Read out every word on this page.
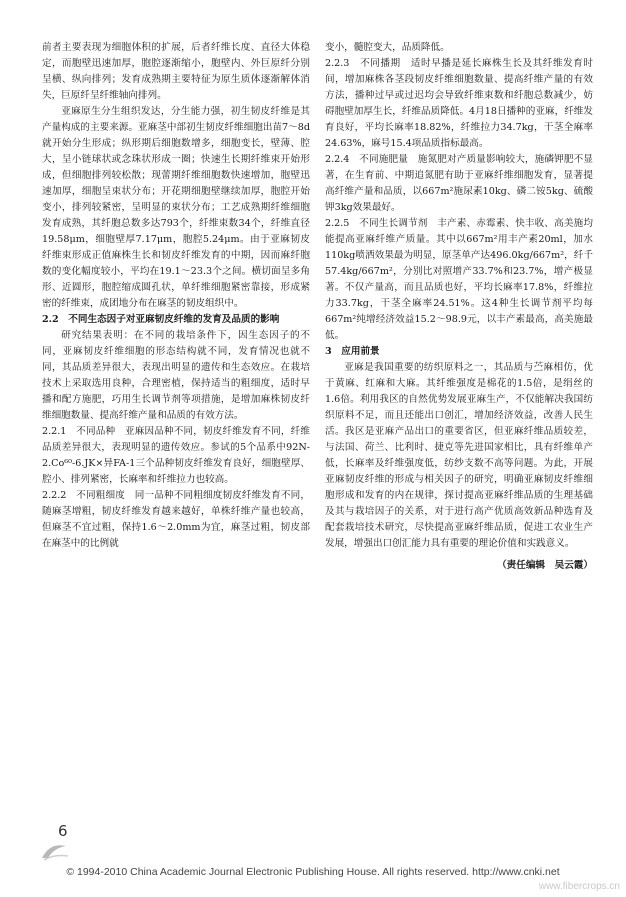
前者主要表现为细胞体积的扩展，后者纤维长度、直径大体稳定，而胞壁迅速加厚，胞腔逐渐缩小，胞壁内、外巨原纤分别呈横、纵向排列；发育成熟期主要特征为原生质体逐渐解体消失，巨原纤呈纤维轴向排列。

亚麻原生分生组织发达，分生能力强，初生韧皮纤维是其产量构成的主要来源。亚麻茎中部初生韧皮纤维细胞出苗7～8d就开始分生形成；纵形期后细胞数增多，细胞变长，壁薄、腔大，呈小链球状或念珠状形成一圈；快速生长期纤维束开始形成，但细胞排列较松散；现蕾期纤维细胞数快速增加，胞壁迅速加厚，细胞呈束状分布；开花期细胞壁继续加厚，胞腔开始变小，排列较紧密，呈明显的束状分布；工艺成熟期纤维细胞发育成熟，其纤胞总数多达793个，纤维束数34个，纤维直径19.58μm，细胞壁厚7.17μm，胞腔5.24μm。由于亚麻韧皮纤维束形成正值麻株生长和韧皮纤维发育的中期，因而麻纤胞数的变化幅度较小，平均在19.1～23.3个之间。横切面呈多角形、近圆形，胞腔缩成圆孔状，单纤维细胞紧密靠接，形成紧密的纤维束，成团地分布在麻茎的韧皮组织中。

2.2　不同生态因子对亚麻韧皮纤维的发育及品质的影响

研究结果表明：在不同的栽培条件下，因生态因子的不同，亚麻韧皮纤维细胞的形态结构就不同，发育情况也就不同，其品质差异很大，表现出明显的遗传和生态效应。在栽培技术上采取选用良种，合理密植，保持适当的粗细度，适时早播和配方施肥，巧用生长调节剂等项措施，是增加麻株韧皮纤维细胞数量、提高纤维产量和品质的有效方法。

2.2.1　不同品种　亚麻因品种不同，韧皮纤维发育不同，纤维品质差异很大，表现明显的遗传效应。参试的5个品系中92N-2.Co⁶⁰-6.JK×异FA-1三个品种韧皮纤维发育良好，细胞壁厚、腔小、排列紧密，长麻率和纤维拉力也较高。

2.2.2　不同粗细度　同一品种不同粗细度韧皮纤维发育不同，随麻茎增粗，韧皮纤维发育越来越好，单株纤维产量也较高，但麻茎不宜过粗，保持1.6～2.0mm为宜，麻茎过粗，韧皮部在麻茎中的比例就

变小，髓腔变大，品质降低。

2.2.3　不同播期　适时早播是延长麻株生长及其纤维发育时间，增加麻株各茎段韧皮纤维细胞数量、提高纤维产量的有效方法，播种过早或过迟均会导致纤维束数和纤胞总数减少，妨碍胞壁加厚生长，纤维品质降低。4月18日播种的亚麻，纤维发育良好，平均长麻率18.82%，纤维拉力34.7kg，干茎全麻率24.63%，麻号15.4项品质指标最高。

2.2.4　不同施肥量　施氮肥对产质量影响较大，施磷钾肥不显著，在生育前、中期追氮肥有助于亚麻纤维细胞发育，显著提高纤维产量和品质，以667m²施尿素10kg、磷二铵5kg、硫酸钾3kg效果最好。

2.2.5　不同生长调节剂　丰产素、赤霉素、快丰收、高美施均能提高亚麻纤维产质量。其中以667m²用丰产素20ml，加水110kg喷洒效果最为明显，原茎单产达496.0kg/667m²，纤千57.4kg/667m²，分别比对照增产33.7%和23.7%，增产极显著。不仅产量高，而且品质也好，平均长麻率17.8%，纤维拉力33.7kg，干茎全麻率24.51%。这4种生长调节剂平均每667m²纯增经济效益15.2～98.9元，以丰产素最高，高美施最低。

3　应用前景

亚麻是我国重要的纺织原料之一，其品质与苎麻相仿，优于黄麻、红麻和大麻。其纤维强度是棉花的1.5倍，是绢丝的1.6倍。利用我区的自然优势发展亚麻生产，不仅能解决我国纺织原料不足，而且还能出口创汇，增加经济效益，改善人民生活。我区是亚麻产品出口的重要省区，但亚麻纤维品质较差，与法国、荷兰、比利时、捷克等先进国家相比，具有纤维单产低，长麻率及纤维强度低，纺纱支数不高等问题。为此，开展亚麻韧皮纤维的形成与相关因子的研究，明确亚麻韧皮纤维细胞形成和发育的内在规律，探讨提高亚麻纤维品质的生理基础及其与栽培因子的关系，对于进行高产优质高效新品种选育及配套栽培技术研究，尽快提高亚麻纤维品质，促进工农业生产发展，增强出口创汇能力具有重要的理论价值和实践意义。

（责任编辑　吴云霞）

6
© 1994-2010 China Academic Journal Electronic Publishing House. All rights reserved. http://www.cnki.net
www.fibercrops.cn
